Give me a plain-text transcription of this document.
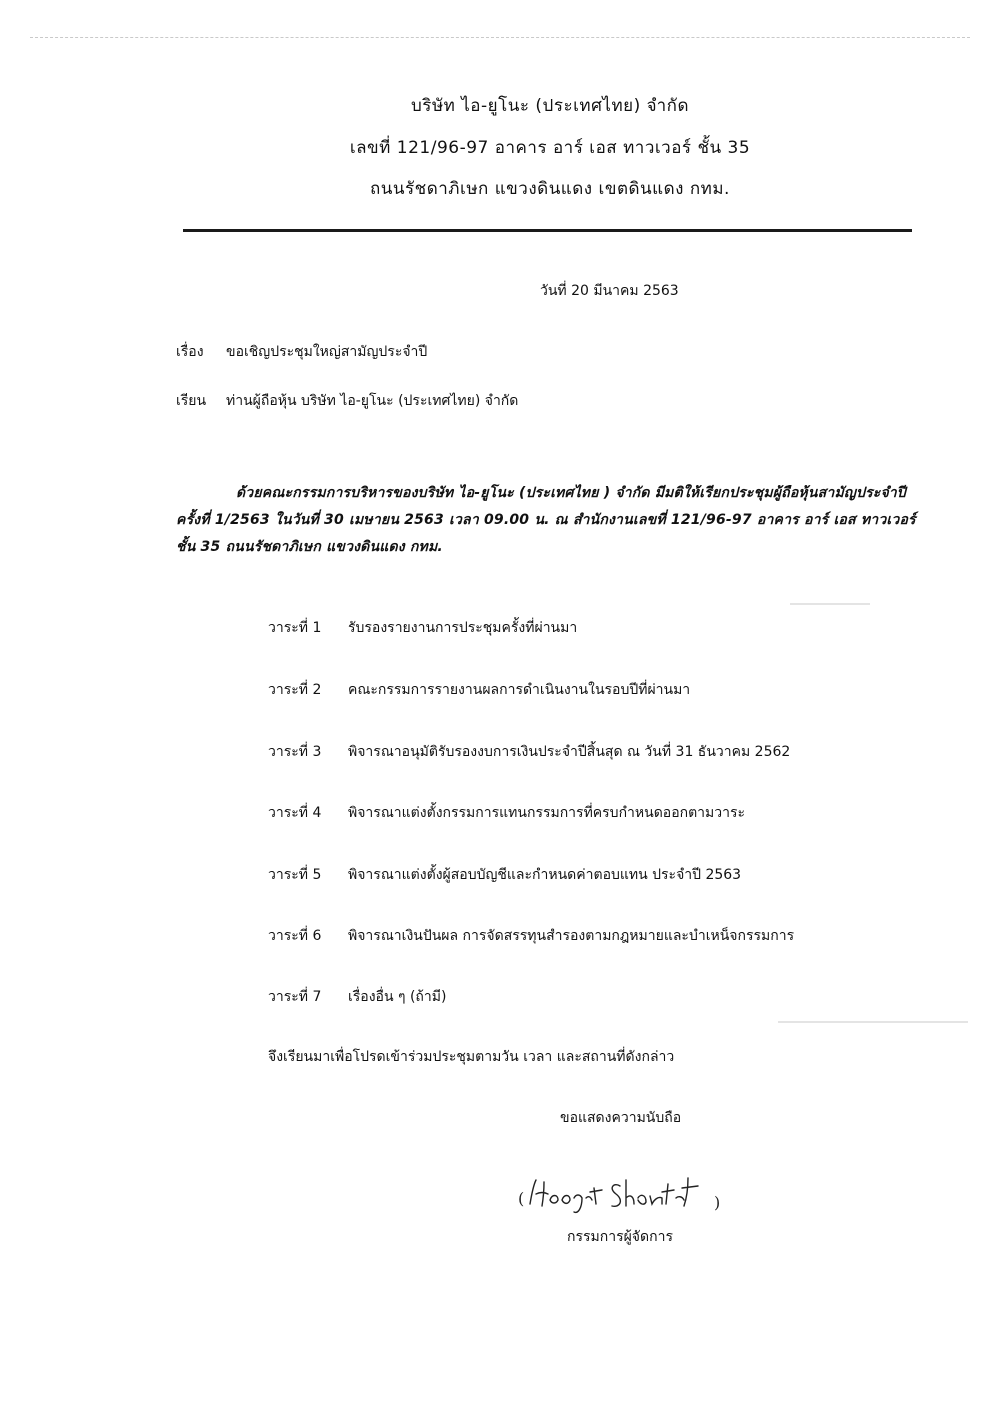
บริษัท ไอ-ยูโนะ (ประเทศไทย) จำกัด
เลขที่ 121/96-97 อาคาร อาร์ เอส ทาวเวอร์ ชั้น 35
ถนนรัชดาภิเษก แขวงดินแดง เขตดินแดง กทม.
วันที่ 20 มีนาคม 2563
เรื่อง ขอเชิญประชุมใหญ่สามัญประจำปี
เรียน ท่านผู้ถือหุ้น บริษัท ไอ-ยูโนะ (ประเทศไทย) จำกัด
ด้วยคณะกรรมการบริหารของบริษัท ไอ-ยูโนะ (ประเทศไทย ) จำกัด มีมติให้เรียกประชุมผู้ถือหุ้นสามัญประจำปี ครั้งที่ 1/2563 ในวันที่ 30 เมษายน 2563 เวลา 09.00 น. ณ สำนักงานเลขที่ 121/96-97 อาคาร อาร์ เอส ทาวเวอร์ ชั้น 35 ถนนรัชดาภิเษก แขวงดินแดง กทม.
วาระที่ 1 รับรองรายงานการประชุมครั้งที่ผ่านมา
วาระที่ 2 คณะกรรมการรายงานผลการดำเนินงานในรอบปีที่ผ่านมา
วาระที่ 3 พิจารณาอนุมัติรับรองงบการเงินประจำปีสิ้นสุด ณ วันที่ 31 ธันวาคม 2562
วาระที่ 4 พิจารณาแต่งตั้งกรรมการแทนกรรมการที่ครบกำหนดออกตามวาระ
วาระที่ 5 พิจารณาแต่งตั้งผู้สอบบัญชีและกำหนดค่าตอบแทน ประจำปี 2563
วาระที่ 6 พิจารณาเงินปันผล การจัดสรรทุนสำรองตามกฎหมายและบำเหน็จกรรมการ
วาระที่ 7 เรื่องอื่น ๆ (ถ้ามี)
จึงเรียนมาเพื่อโปรดเข้าร่วมประชุมตามวัน เวลา และสถานที่ดังกล่าว
ขอแสดงความนับถือ
(	)
กรรมการผู้จัดการ
